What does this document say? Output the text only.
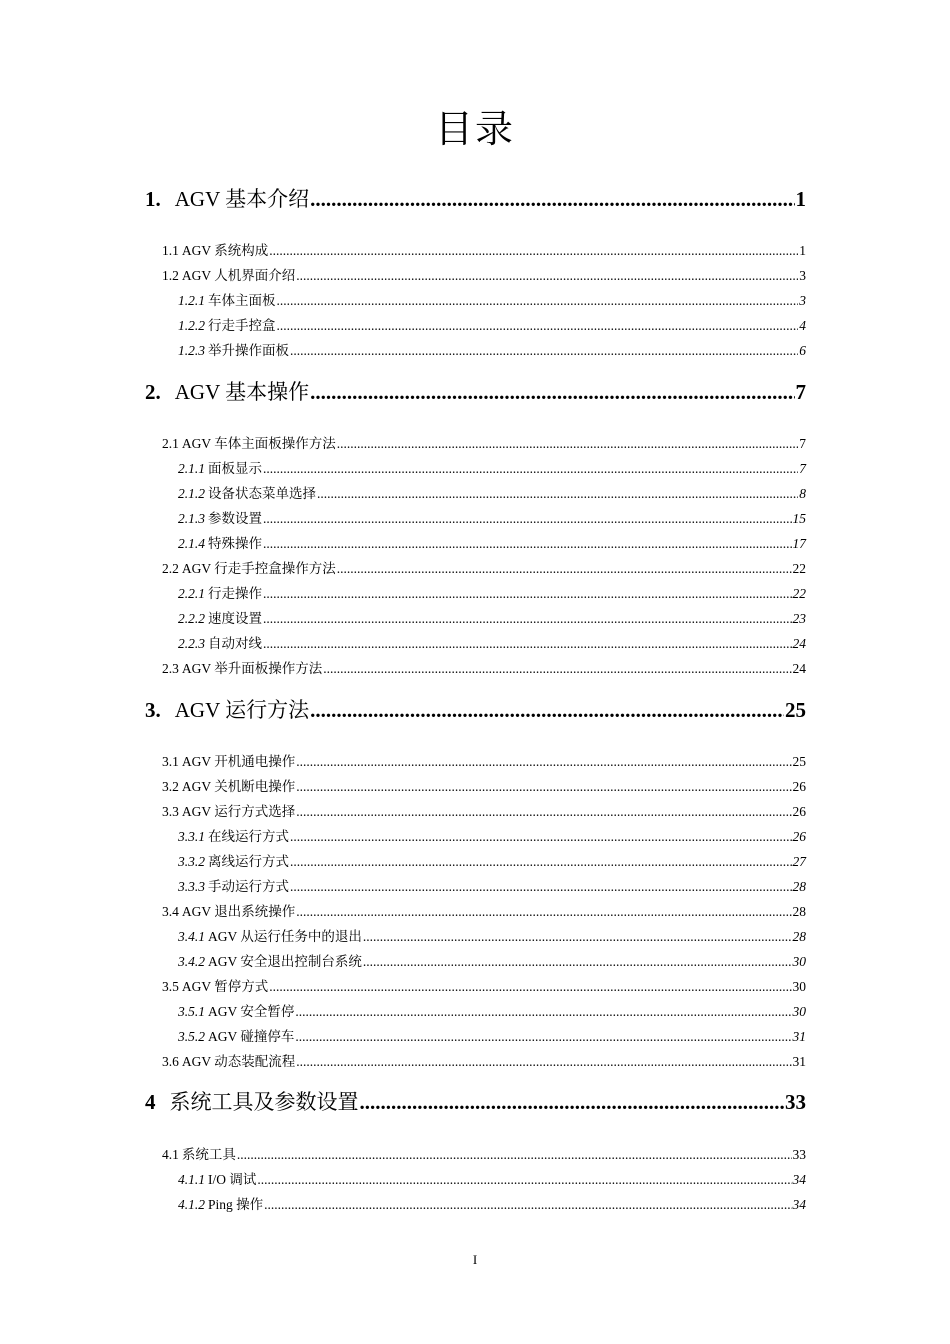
目录
1. AGV 基本介绍 .....	1
1.1 AGV 系统构成 .....	1
1.2 AGV 人机界面介绍 .....	3
1.2.1 车体主面板 .....	3
1.2.2 行走手控盒 .....	4
1.2.3 举升操作面板 .....	6
2. AGV 基本操作 .....	7
2.1 AGV 车体主面板操作方法 .....	7
2.1.1 面板显示 .....	7
2.1.2 设备状态菜单选择 .....	8
2.1.3 参数设置 .....	15
2.1.4 特殊操作 .....	17
2.2 AGV 行走手控盒操作方法 .....	22
2.2.1 行走操作 .....	22
2.2.2 速度设置 .....	23
2.2.3 自动对线 .....	24
2.3 AGV 举升面板操作方法 .....	24
3. AGV 运行方法 .....	25
3.1 AGV 开机通电操作 .....	25
3.2 AGV 关机断电操作 .....	26
3.3 AGV 运行方式选择 .....	26
3.3.1 在线运行方式 .....	26
3.3.2 离线运行方式 .....	27
3.3.3 手动运行方式 .....	28
3.4 AGV 退出系统操作 .....	28
3.4.1 AGV 从运行任务中的退出 .....	28
3.4.2 AGV 安全退出控制台系统 .....	30
3.5 AGV 暂停方式 .....	30
3.5.1 AGV 安全暂停 .....	30
3.5.2 AGV 碰撞停车 .....	31
3.6 AGV 动态装配流程 .....	31
4 系统工具及参数设置 .....	33
4.1 系统工具 .....	33
4.1.1 I/O 调试 .....	34
4.1.2 Ping 操作 .....	34
I
